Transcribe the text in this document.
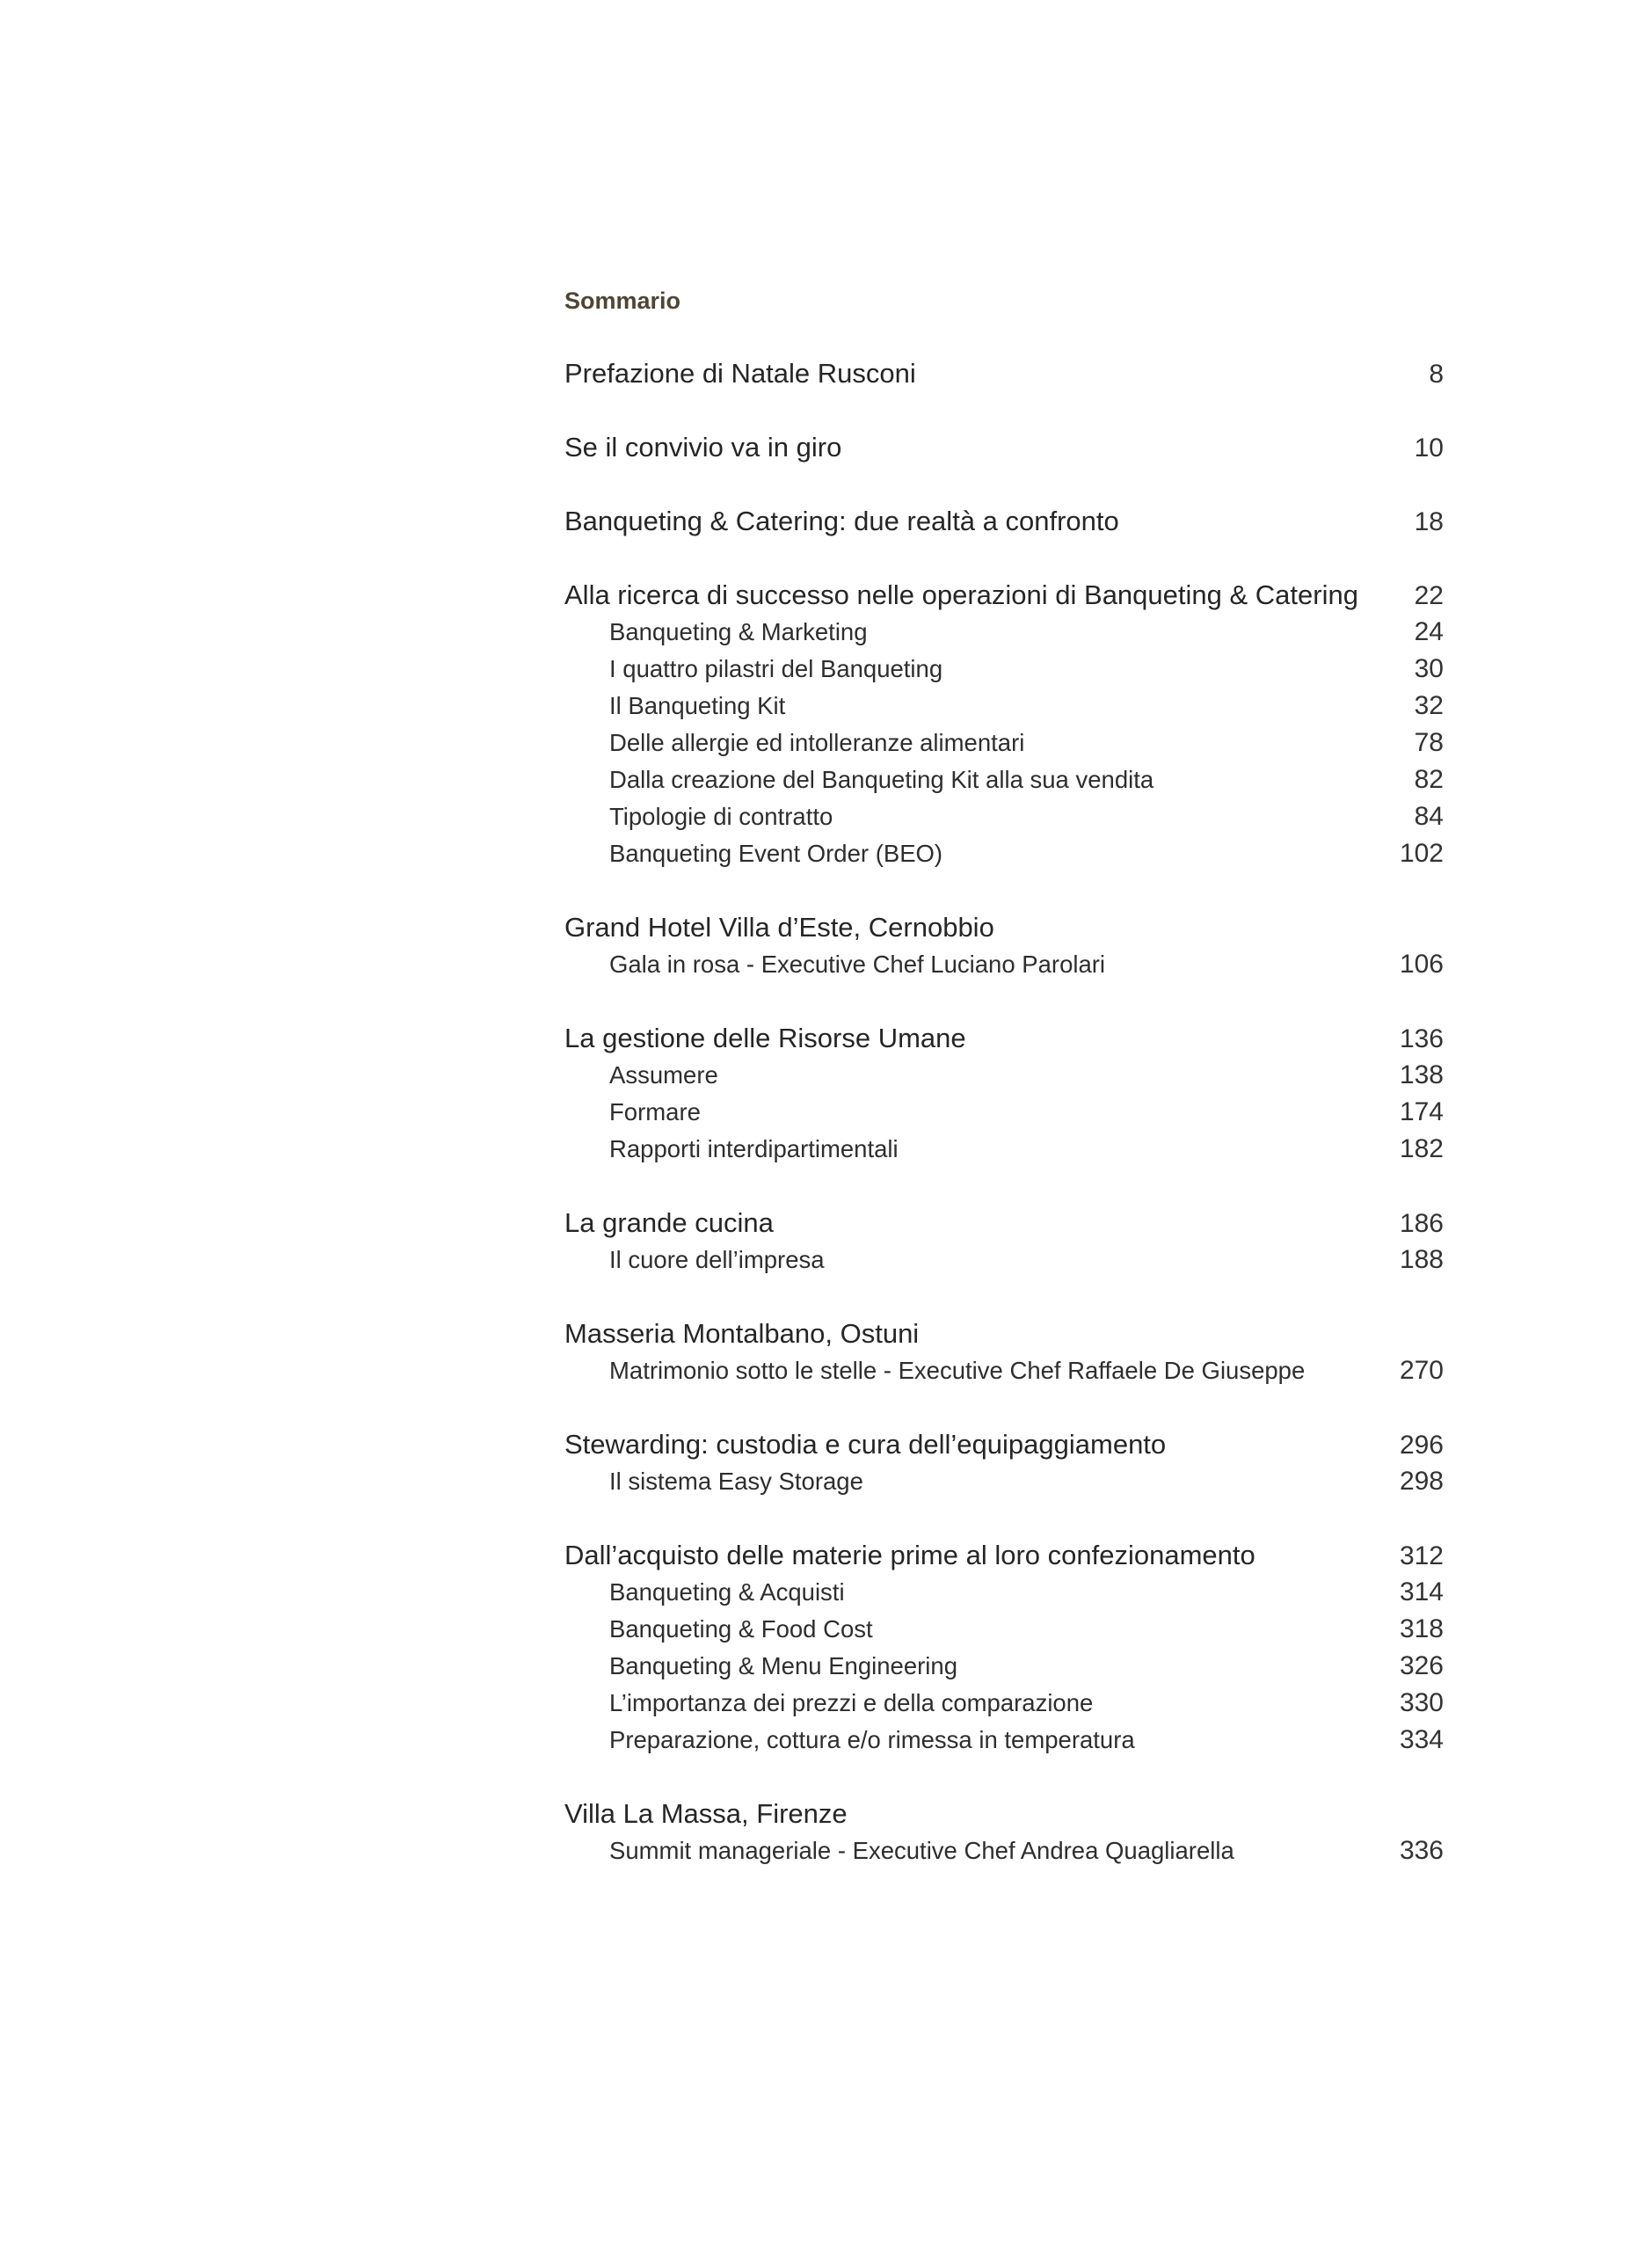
Sommario
Prefazione di Natale Rusconi	8
Se il convivio va in giro	10
Banqueting & Catering: due realtà a confronto	18
Alla ricerca di successo nelle operazioni di Banqueting & Catering 22
Banqueting & Marketing	24
I quattro pilastri del Banqueting	30
Il Banqueting Kit	32
Delle allergie ed intolleranze alimentari	78
Dalla creazione del Banqueting Kit alla sua vendita	82
Tipologie di contratto	84
Banqueting Event Order (BEO)	102
Grand Hotel Villa d’Este, Cernobbio
Gala in rosa - Executive Chef Luciano Parolari	106
La gestione delle Risorse Umane	136
Assumere	138
Formare	174
Rapporti interdipartimentali	182
La grande cucina	186
Il cuore dell’impresa	188
Masseria Montalbano, Ostuni
Matrimonio sotto le stelle - Executive Chef Raffaele De Giuseppe	270
Stewarding: custodia e cura dell’equipaggiamento	296
Il sistema Easy Storage	298
Dall’acquisto delle materie prime al loro confezionamento	312
Banqueting & Acquisti	314
Banqueting & Food Cost	318
Banqueting & Menu Engineering	326
L’importanza dei prezzi e della comparazione	330
Preparazione, cottura e/o rimessa in temperatura	334
Villa La Massa, Firenze
Summit manageriale - Executive Chef Andrea Quagliarella	336
